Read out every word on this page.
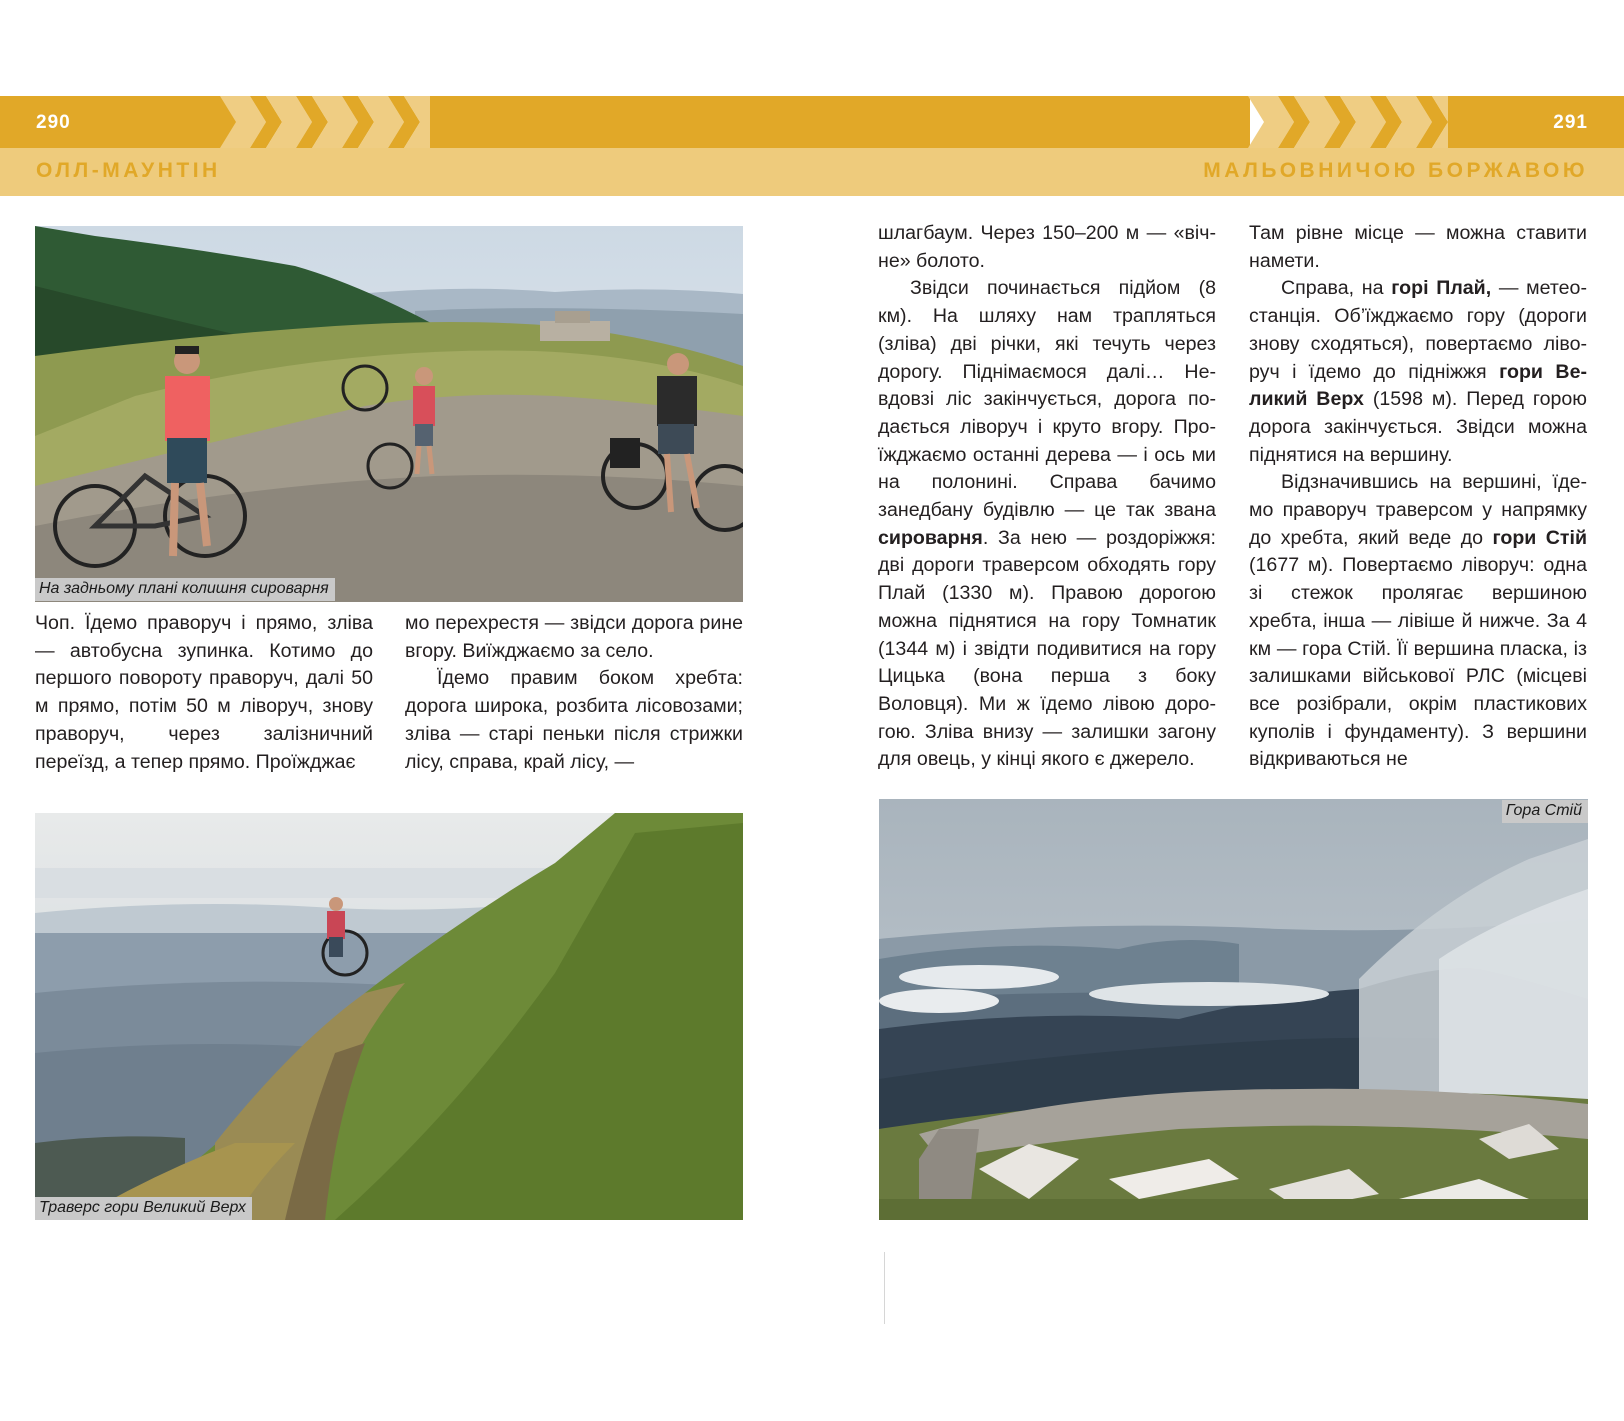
290	291
ОЛЛ-МАУНТІН	МАЛЬОВНИЧОЮ БОРЖАВОЮ
На задньому плані колишня сироварня
Траверс гори Великий Верх
Гора Стій

Чоп. Їдемо праворуч і прямо, зліва — автобусна зупинка. Котимо до першого повороту праворуч, далі 50 м прямо, потім 50 м ліворуч, знову праворуч, через залізничний переїзд, а тепер прямо. Проїжджає

мо перехрестя — звідси дорога рине вгору. Виїжджаємо за село.

Їдемо правим боком хребта: дорога широка, розбита лісовозами; зліва — старі пеньки після стрижки лісу, справа, край лісу, —

шлагбаум. Через 150–200 м — «вічне» болото.

Звідси починається підйом (8 км). На шляху нам трапляться (зліва) дві річки, які течуть через дорогу. Піднімаємося далі… Невдовзі ліс закінчується, дорога подається ліворуч і круто вгору. Проїжджаємо останні дерева — і ось ми на полонині. Справа бачимо занедбану будівлю — це так звана сироварня. За нею — роздоріжжя: дві дороги траверсом обходять гору Плай (1330 м). Правою дорогою можна піднятися на гору Томнатик (1344 м) і звідти подивитися на гору Цицька (вона перша з боку Воловця). Ми ж їдемо лівою дорогою. Зліва внизу — залишки загону для овець, у кінці якого є джерело.

Там рівне місце — можна ставити намети.

Справа, на горі Плай, — метеостанція. Об’їжджаємо гору (дороги знову сходяться), повертаємо ліворуч і їдемо до підніжжя гори Великий Верх (1598 м). Перед горою дорога закінчується. Звідси можна піднятися на вершину.

Відзначившись на вершині, їдемо праворуч траверсом у напрямку до хребта, який веде до гори Стій (1677 м). Повертаємо ліворуч: одна зі стежок пролягає вершиною хребта, інша — лівіше й нижче. За 4 км — гора Стій. Її вершина пласка, із залишками військової РЛС (місцеві все розібрали, окрім пластикових куполів і фундаменту). З вершини відкриваються не
